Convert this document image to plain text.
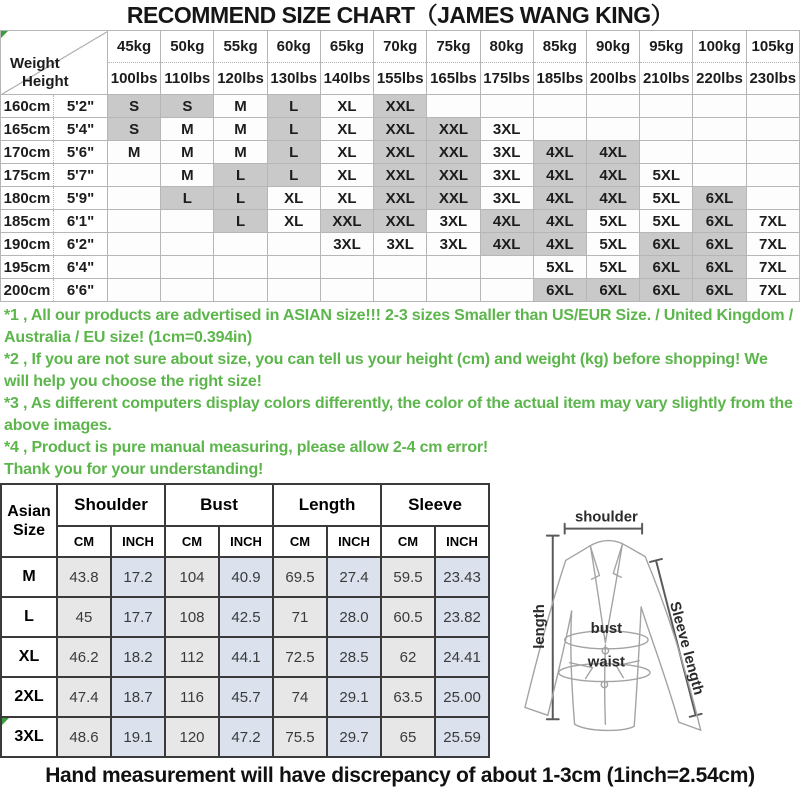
RECOMMEND SIZE CHART（JAMES WANG KING）
Weight
Height		45kg	50kg	55kg	60kg	65kg	70kg	75kg	80kg	85kg	90kg	95kg	100kg	105kg
		100lbs	110lbs	120lbs	130lbs	140lbs	155lbs	165lbs	175lbs	185lbs	200lbs	210lbs	220lbs	230lbs
160cm	5'2"	S	S	M	L	XL	XXL							
165cm	5'4"	S	M	M	L	XL	XXL	XXL	3XL					
170cm	5'6"	M	M	M	L	XL	XXL	XXL	3XL	4XL	4XL			
175cm	5'7"		M	L	L	XL	XXL	XXL	3XL	4XL	4XL	5XL		
180cm	5'9"		L	L	XL	XL	XXL	XXL	3XL	4XL	4XL	5XL	6XL	
185cm	6'1"			L	XL	XXL	XXL	3XL	4XL	4XL	5XL	5XL	6XL	7XL
190cm	6'2"					3XL	3XL	3XL	4XL	4XL	5XL	6XL	6XL	7XL
195cm	6'4"									5XL	5XL	6XL	6XL	7XL
200cm	6'6"									6XL	6XL	6XL	6XL	7XL

*1 , All our products are advertised in ASIAN size!!! 2-3 sizes Smaller than US/EUR Size. / United Kingdom / Australia / EU size! (1cm=0.394in)

*2 , If you are not sure about size, you can tell us your height (cm) and weight (kg) before shopping! We will help you choose the right size!

*3 , As different computers display colors differently, the color of the actual item may vary slightly from the above images.

*4 , Product is pure manual measuring, please allow 2-4 cm error!

Thank you for your understanding!

Asian
Size	Shoulder		Bust		Length		Sleeve	
	CM	INCH	CM	INCH	CM	INCH	CM	INCH
M	43.8	17.2	104	40.9	69.5	27.4	59.5	23.43
L	45	17.7	108	42.5	71	28.0	60.5	23.82
XL	46.2	18.2	112	44.1	72.5	28.5	62	24.41
2XL	47.4	18.7	116	45.7	74	29.1	63.5	25.00
3XL	48.6	19.1	120	47.2	75.5	29.7	65	25.59
shoulder
length	bust
waist	Sleeve length
Hand measurement will have discrepancy of about 1-3cm (1inch=2.54cm)
